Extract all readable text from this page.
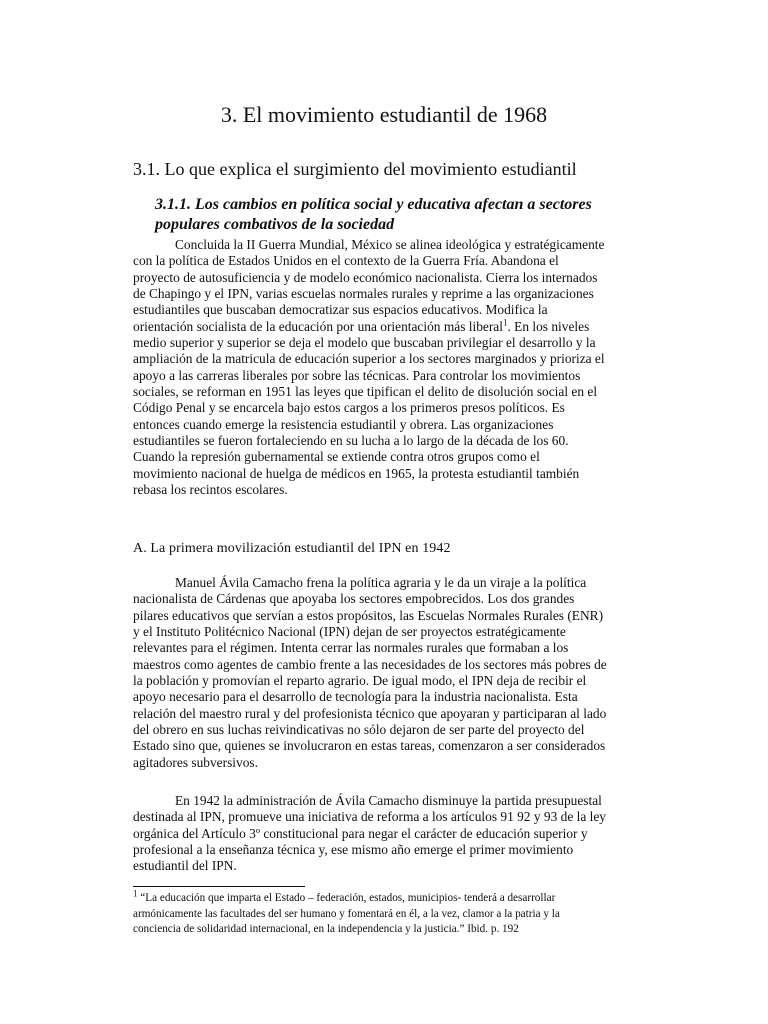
3. El movimiento estudiantil de 1968
3.1. Lo que explica el surgimiento del movimiento estudiantil
3.1.1. Los cambios en política social y educativa afectan a sectores
populares combativos de la sociedad
Concluida la II Guerra Mundial, México se alinea ideológica y estratégicamente
con la política de Estados Unidos en el contexto de la Guerra Fría. Abandona el
proyecto de autosuficiencia y de modelo económico nacionalista. Cierra los internados
de Chapingo y el IPN, varias escuelas normales rurales y reprime a las organizaciones
estudiantiles que buscaban democratizar sus espacios educativos. Modifica la
orientación socialista de la educación por una orientación más liberal$^1$. En los niveles
medio superior y superior se deja el modelo que buscaban privilegiar el desarrollo y la
ampliación de la matricula de educación superior a los sectores marginados y prioriza el
apoyo a las carreras liberales por sobre las técnicas. Para controlar los movimientos
sociales, se reforman en 1951 las leyes que tipifican el delito de disolución social en el
Código Penal y se encarcela bajo estos cargos a los primeros presos políticos. Es
entonces cuando emerge la resistencia estudiantil y obrera. Las organizaciones
estudiantiles se fueron fortaleciendo en su lucha a lo largo de la década de los 60.
Cuando la represión gubernamental se extiende contra otros grupos como el
movimiento nacional de huelga de médicos en 1965, la protesta estudiantil también
rebasa los recintos escolares.
A. La primera movilización estudiantil del IPN en 1942
Manuel Ávila Camacho frena la política agraria y le da un viraje a la política
nacionalista de Cárdenas que apoyaba los sectores empobrecidos. Los dos grandes
pilares educativos que servían a estos propósitos, las Escuelas Normales Rurales (ENR)
y el Instituto Politécnico Nacional (IPN) dejan de ser proyectos estratégicamente
relevantes para el régimen. Intenta cerrar las normales rurales que formaban a los
maestros como agentes de cambio frente a las necesidades de los sectores más pobres de
la población y promovían el reparto agrario. De igual modo, el IPN deja de recibir el
apoyo necesario para el desarrollo de tecnología para la industria nacionalista. Esta
relación del maestro rural y del profesionista técnico que apoyaran y participaran al lado
del obrero en sus luchas reivindicativas no sólo dejaron de ser parte del proyecto del
Estado sino que, quienes se involucraron en estas tareas, comenzaron a ser considerados
agitadores subversivos.
En 1942 la administración de Ávila Camacho disminuye la partida presupuestal
destinada al IPN, promueve una iniciativa de reforma a los artículos 91 92 y 93 de la ley
orgánica del Artículo 3º constitucional para negar el carácter de educación superior y
profesional a la enseñanza técnica y, ese mismo año emerge el primer movimiento
estudiantil del IPN.
$^1$ “La educación que imparta el Estado – federación, estados, municipios- tenderá a desarrollar
armónicamente las facultades del ser humano y fomentará en él, a la vez, clamor a la patria y la
conciencia de solidaridad internacional, en la independencia y la justicia.” Ibid. p. 192
